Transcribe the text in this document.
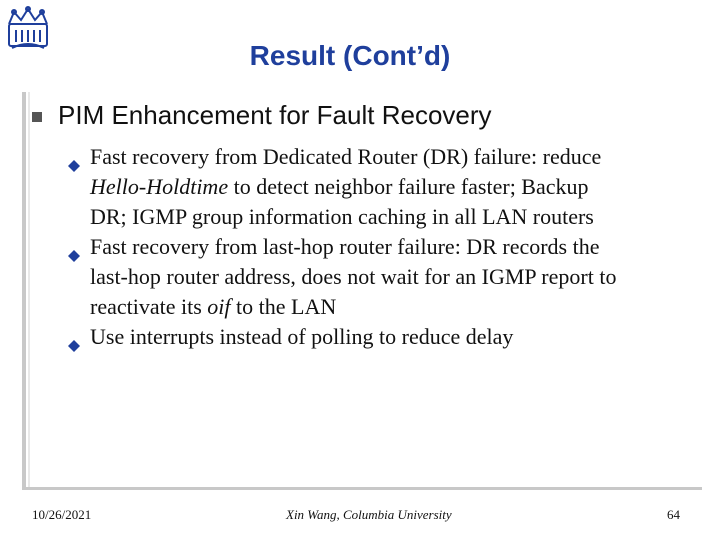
Result (Cont’d)
PIM Enhancement for Fault Recovery
Fast recovery from Dedicated Router (DR) failure: reduce
Hello-Holdtime to detect neighbor failure faster; Backup
DR; IGMP group information caching in all LAN routers
Fast recovery from last-hop router failure: DR records the
last-hop router address, does not wait for an IGMP report to
reactivate its oif to the LAN
Use interrupts instead of polling to reduce delay
10/26/2021	Xin Wang, Columbia University	64
